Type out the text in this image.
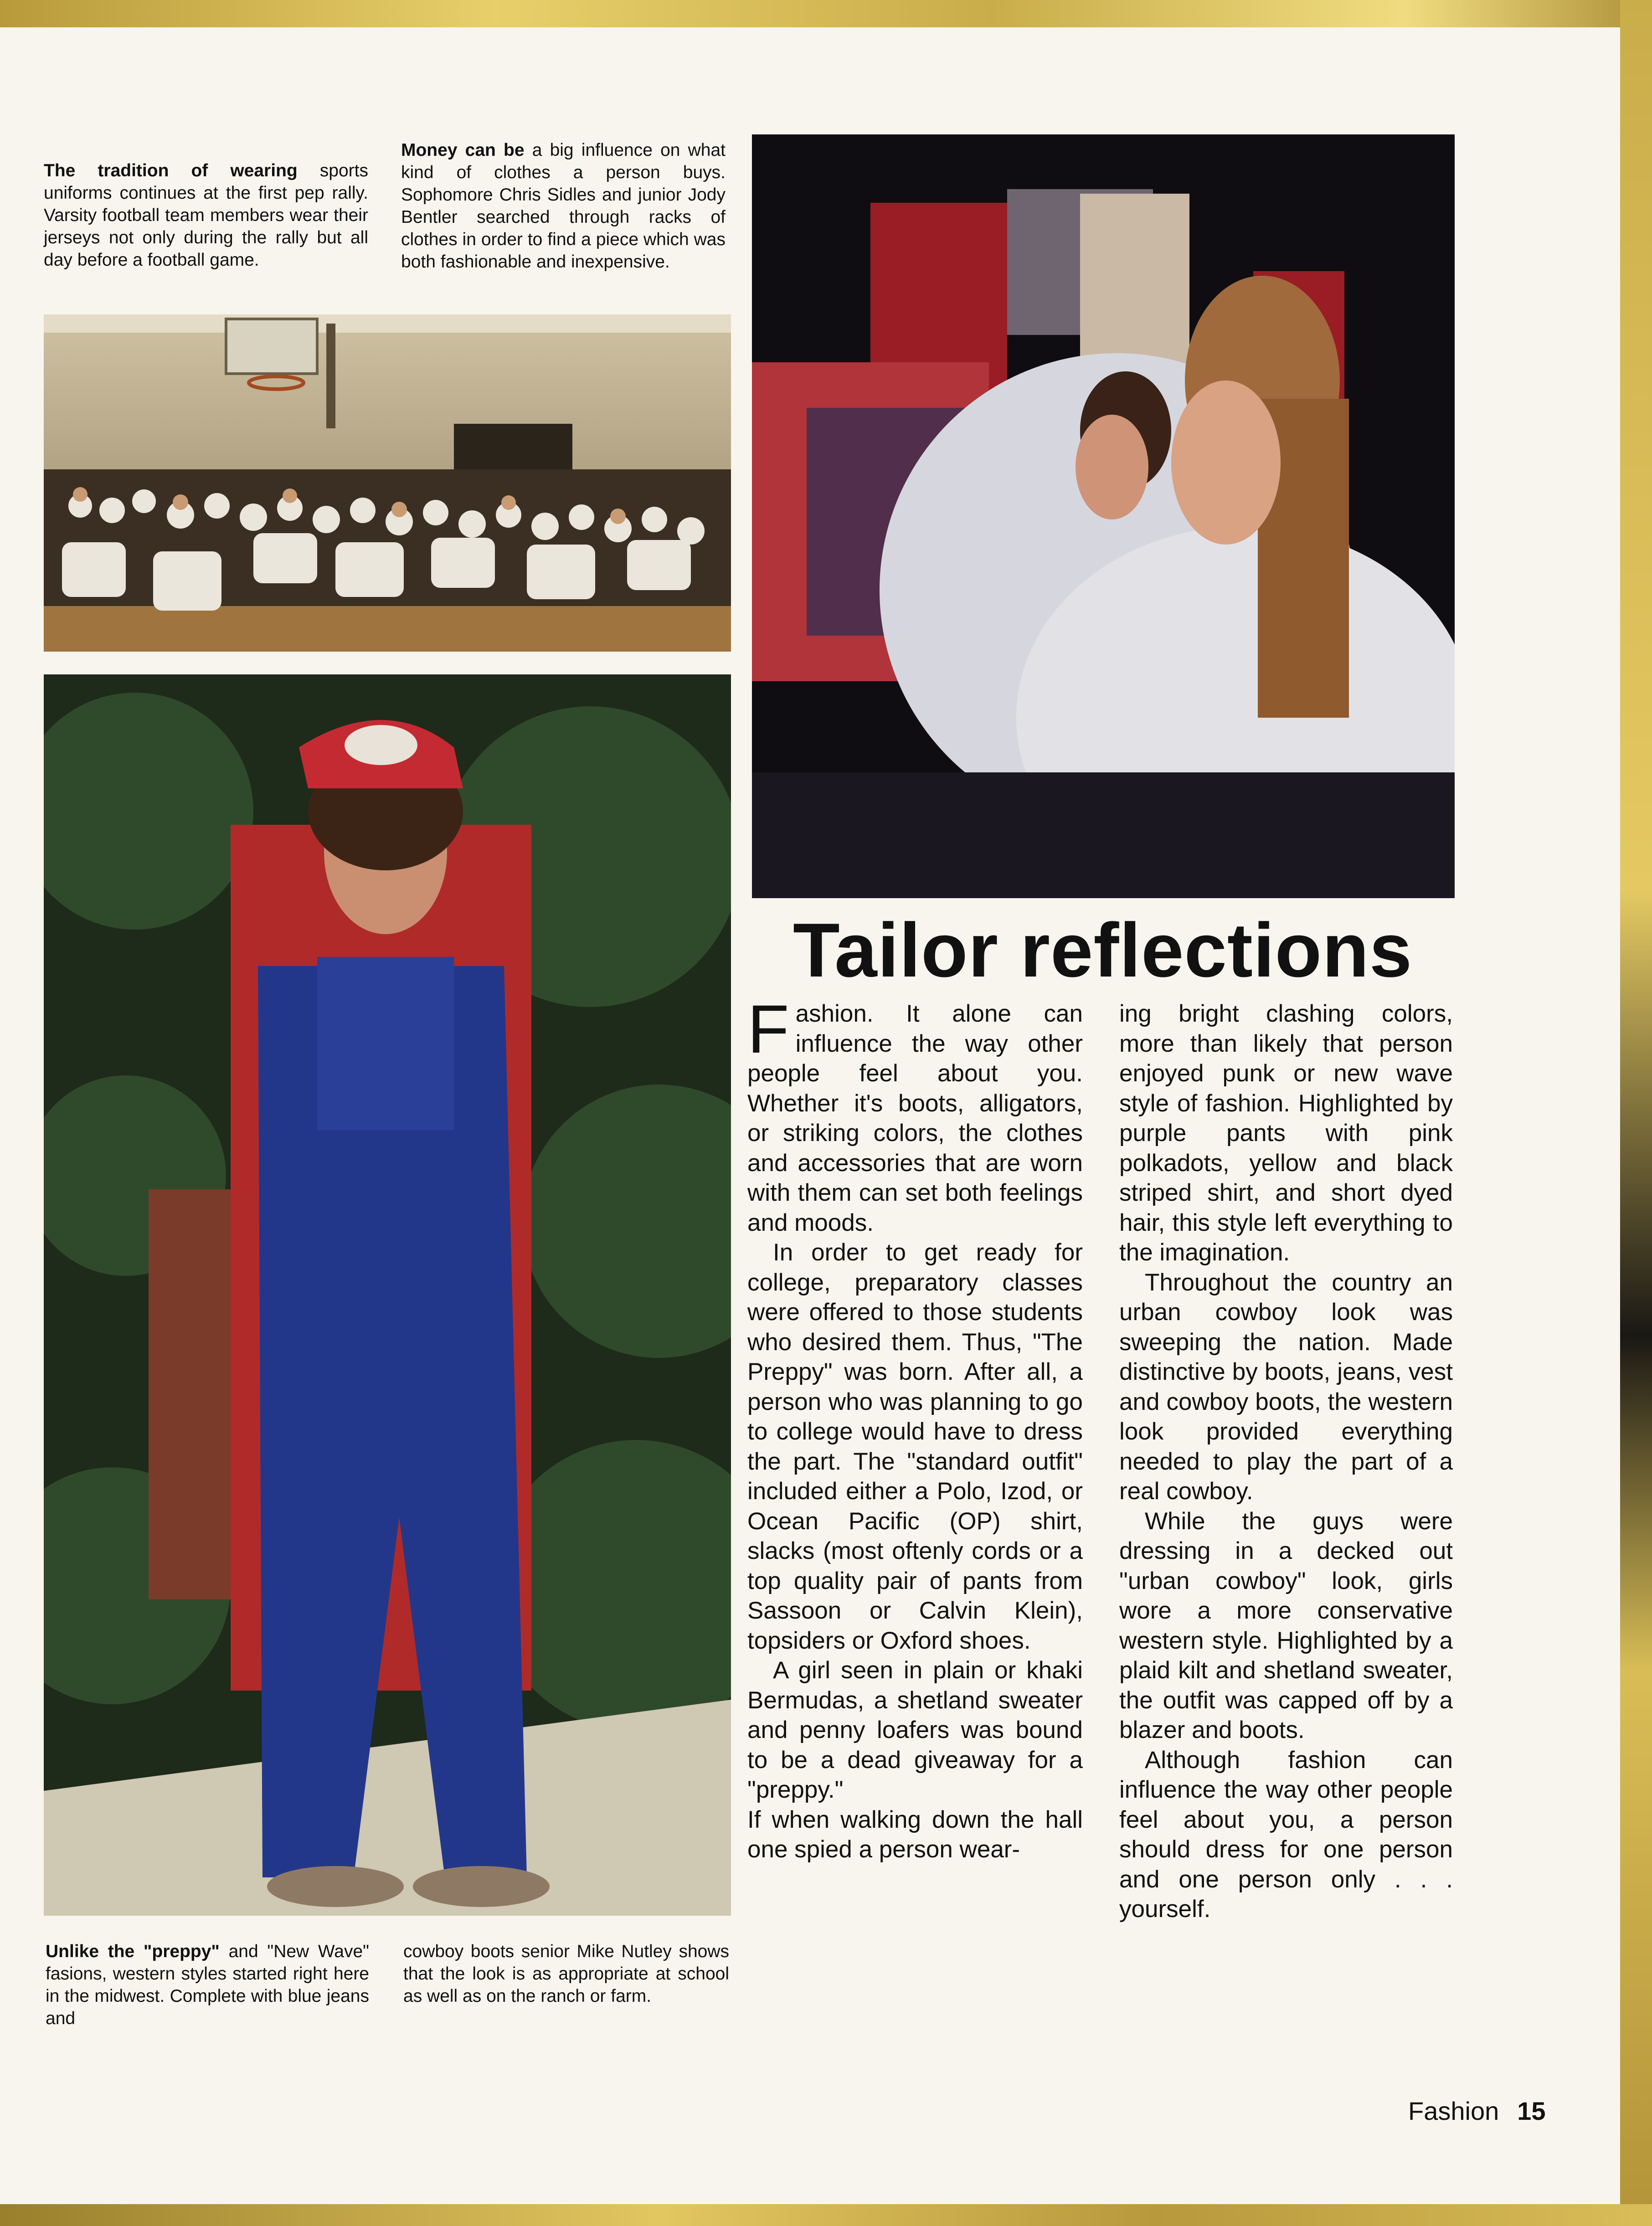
The tradition of wearing sports uniforms continues at the first pep rally. Varsity football team members wear their jerseys not only during the rally but all day before a football game.
Money can be a big influence on what kind of clothes a person buys. Sophomore Chris Sidles and junior Jody Bentler searched through racks of clothes in order to find a piece which was both fashionable and inexpensive.
Tailor reflections

Fashion. It alone can influence the way other people feel about you. Whether it's boots, alligators, or striking colors, the clothes and accessories that are worn with them can set both feelings and moods.

In order to get ready for college, preparatory classes were offered to those students who desired them. Thus, "The Preppy" was born. After all, a person who was planning to go to college would have to dress the part. The "standard outfit" included either a Polo, Izod, or Ocean Pacific (OP) shirt, slacks (most oftenly cords or a top quality pair of pants from Sassoon or Calvin Klein), topsiders or Oxford shoes.

A girl seen in plain or khaki Bermudas, a shetland sweater and penny loafers was bound to be a dead giveaway for a "preppy."

If when walking down the hall one spied a person wear-

ing bright clashing colors, more than likely that person enjoyed punk or new wave style of fashion. Highlighted by purple pants with pink polkadots, yellow and black striped shirt, and short dyed hair, this style left everything to the imagination.

Throughout the country an urban cowboy look was sweeping the nation. Made distinctive by boots, jeans, vest and cowboy boots, the western look provided everything needed to play the part of a real cowboy.

While the guys were dressing in a decked out "urban cowboy" look, girls wore a more conservative western style. Highlighted by a plaid kilt and shetland sweater, the outfit was capped off by a blazer and boots.

Although fashion can influence the way other people feel about you, a person should dress for one person and one person only . . . yourself.

Unlike the "preppy" and "New Wave" fasions, western styles started right here in the midwest. Complete with blue jeans and
cowboy boots senior Mike Nutley shows that the look is as appropriate at school as well as on the ranch or farm.
Fashion 15
